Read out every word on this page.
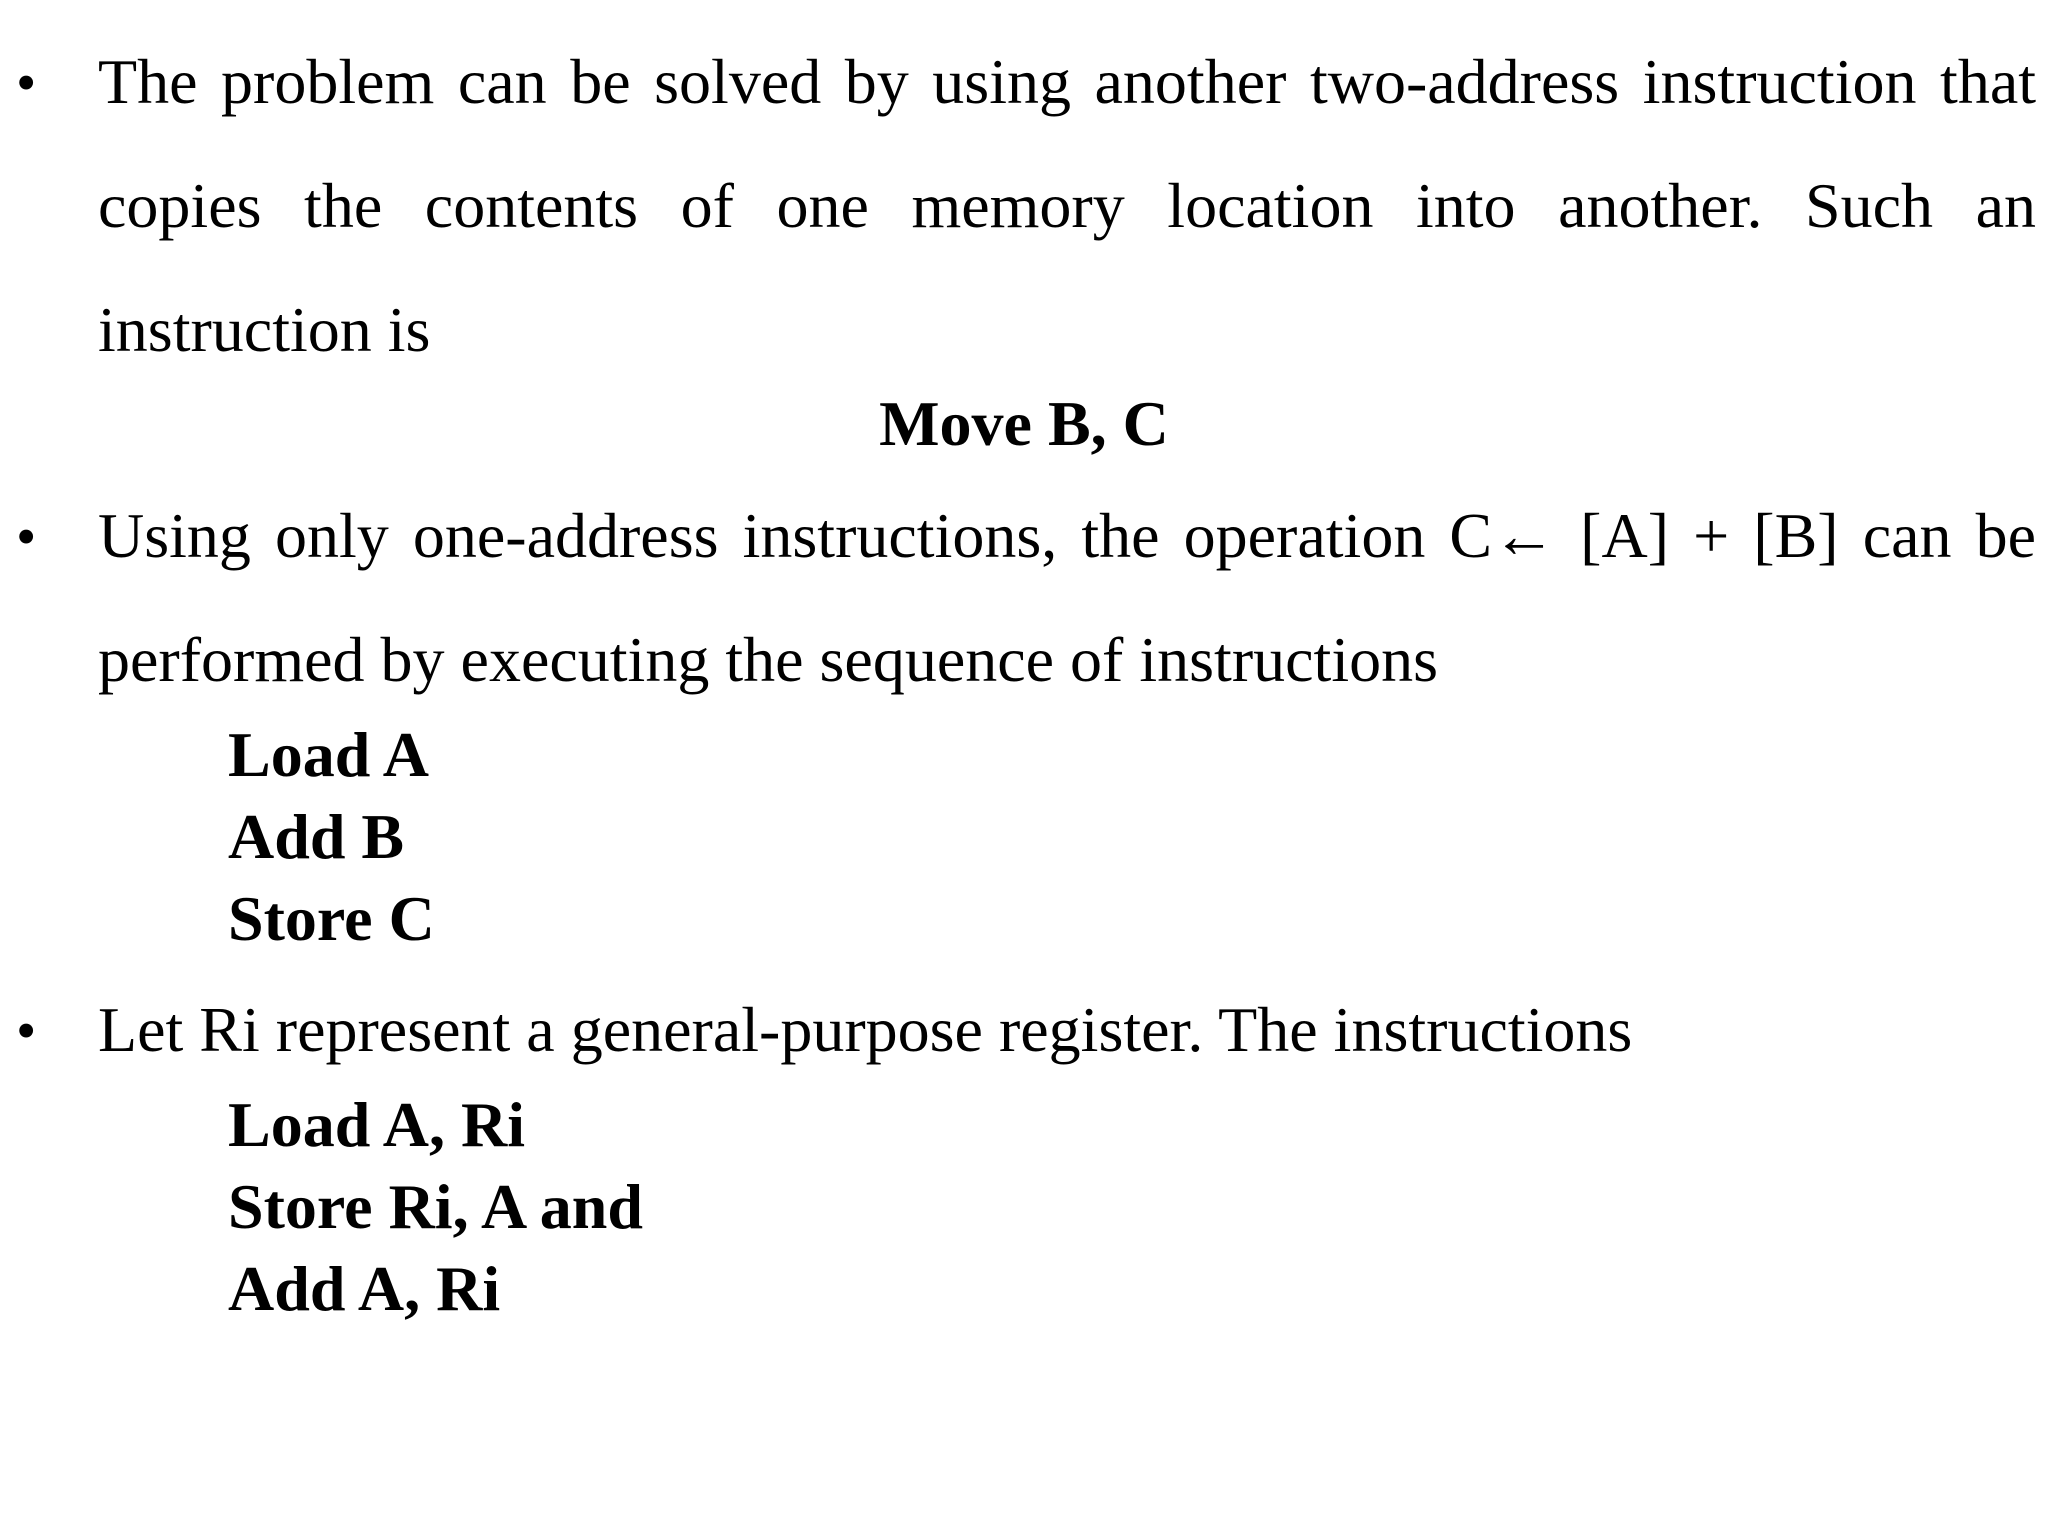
• The problem can be solved by using another two-address instruction that copies the contents of one memory location into another. Such an instruction is

Move B, C
• Using only one-address instructions, the operation C← [A] + [B] can be performed by executing the sequence of instructions

Load A
Add B
Store C
• Let Ri represent a general-purpose register. The instructions

Load A, Ri
Store Ri, A and
Add A, Ri
